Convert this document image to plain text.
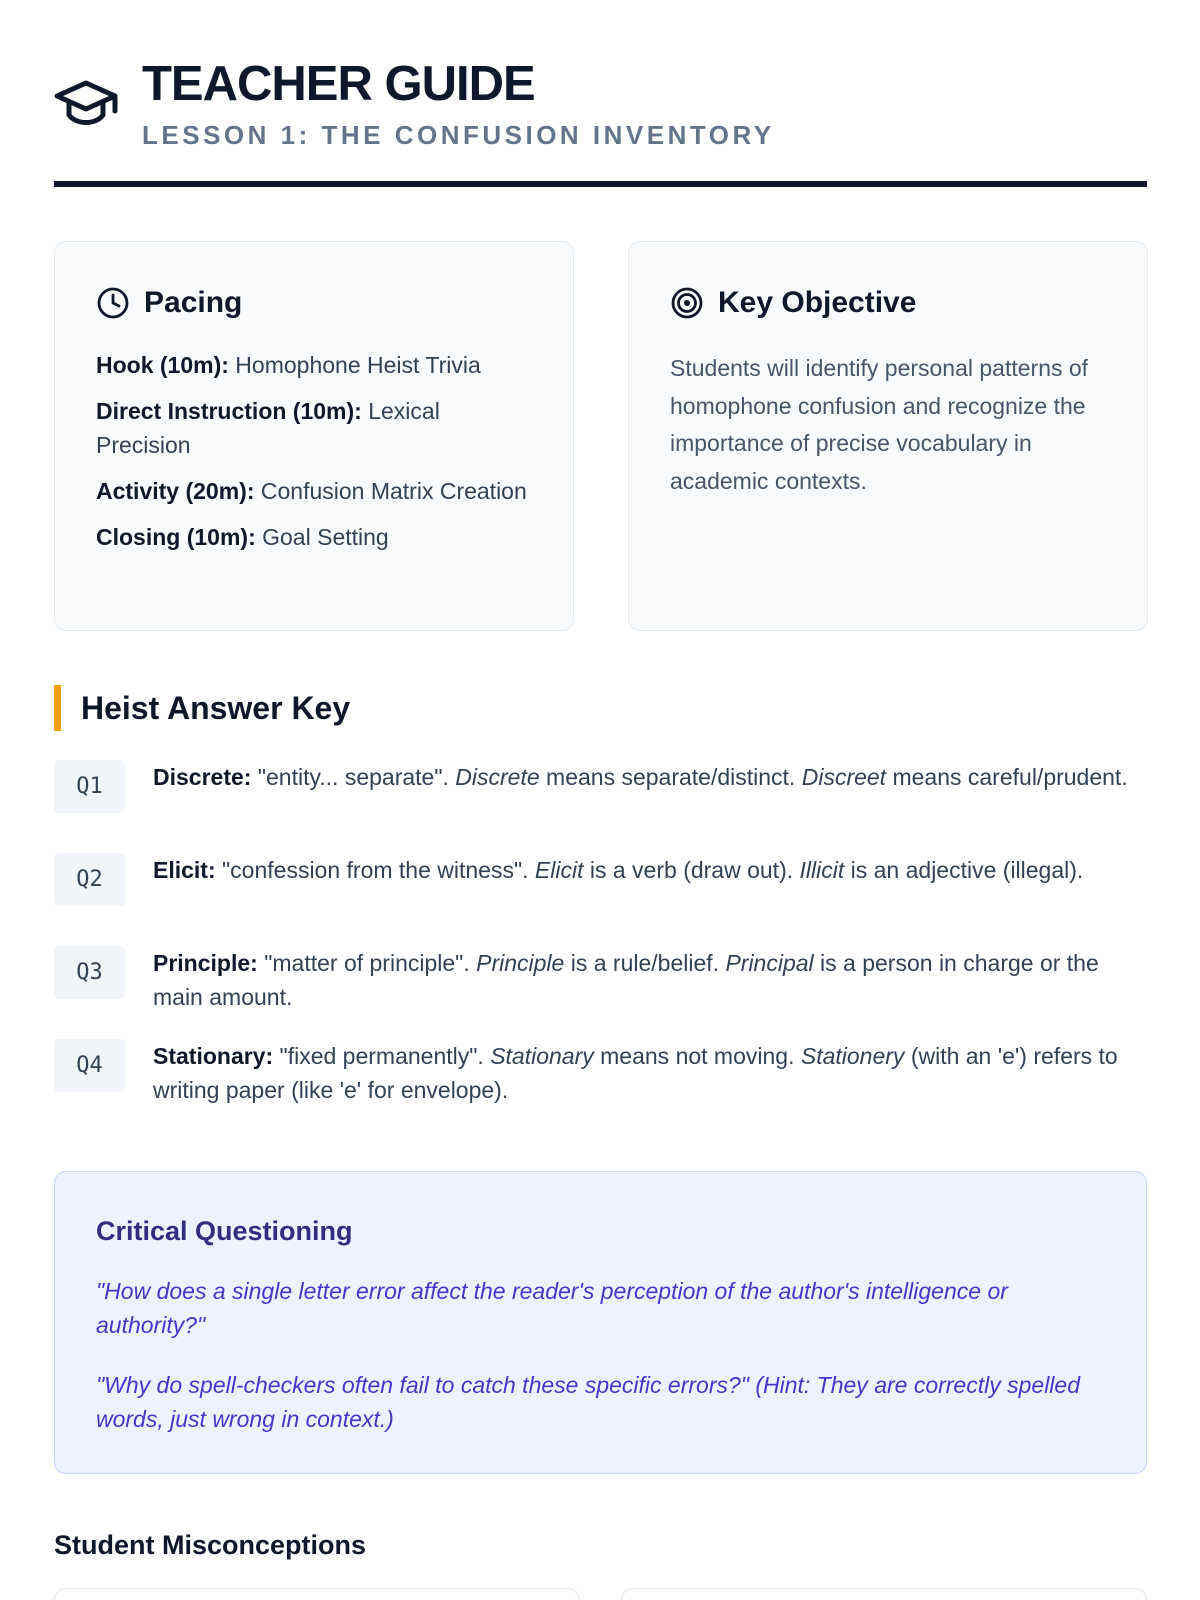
TEACHER GUIDE
LESSON 1: THE CONFUSION INVENTORY
Pacing
Hook (10m): Homophone Heist Trivia
Direct Instruction (10m): Lexical Precision
Activity (20m): Confusion Matrix Creation
Closing (10m): Goal Setting
Key Objective

Students will identify personal patterns of homophone confusion and recognize the importance of precise vocabulary in academic contexts.

Heist Answer Key
Q1	Discrete: "entity... separate". Discrete means separate/distinct. Discreet means careful/prudent.
Q2	Elicit: "confession from the witness". Elicit is a verb (draw out). Illicit is an adjective (illegal).
Q3	Principle: "matter of principle". Principle is a rule/belief. Principal is a person in charge or the main amount.
Q4	Stationary: "fixed permanently". Stationary means not moving. Stationery (with an 'e') refers to writing paper (like 'e' for envelope).
Critical Questioning

"How does a single letter error affect the reader's perception of the author's intelligence or authority?"

"Why do spell-checkers often fail to catch these specific errors?" (Hint: They are correctly spelled words, just wrong in context.)

Student Misconceptions
